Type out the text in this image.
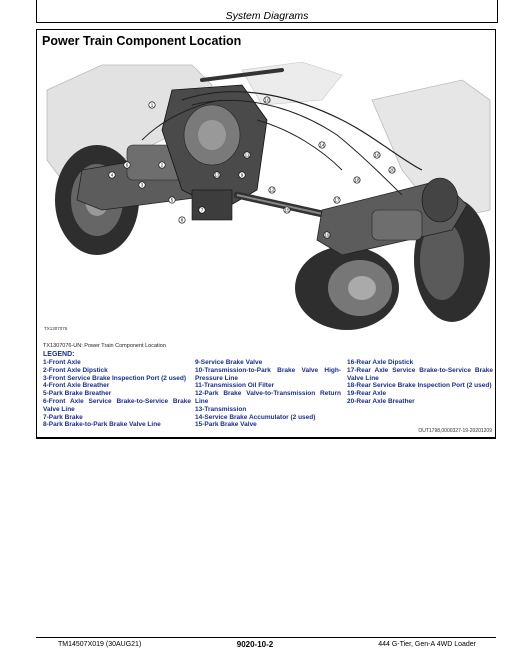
System Diagrams
Power Train Component Location
1
2
3
4
5
6
7
8
9
10
11
12
13
14
15
16
17
18
19
20
TX1307076
TX1307076-UN: Power Train Component Location
LEGEND:
1-Front Axle
2-Front Axle Dipstick
3-Front Service Brake Inspection Port (2 used)
4-Front Axle Breather
5-Park Brake Breather
6-Front Axle Service Brake-to-Service Brake Valve Line
7-Park Brake
8-Park Brake-to-Park Brake Valve Line
9-Service Brake Valve
10-Transmission-to-Park Brake Valve High-Pressure Line
11-Transmission Oil Filter
12-Park Brake Valve-to-Transmission Return Line
13-Transmission
14-Service Brake Accumulator (2 used)
15-Park Brake Valve
16-Rear Axle Dipstick
17-Rear Axle Service Brake-to-Service Brake Valve Line
18-Rear Service Brake Inspection Port (2 used)
19-Rear Axle
20-Rear Axle Breather
OUT1798,0000327-19-20201209
TM14507X019 (30AUG21)	9020-10-2	444 G-Tier, Gen-A 4WD Loader
